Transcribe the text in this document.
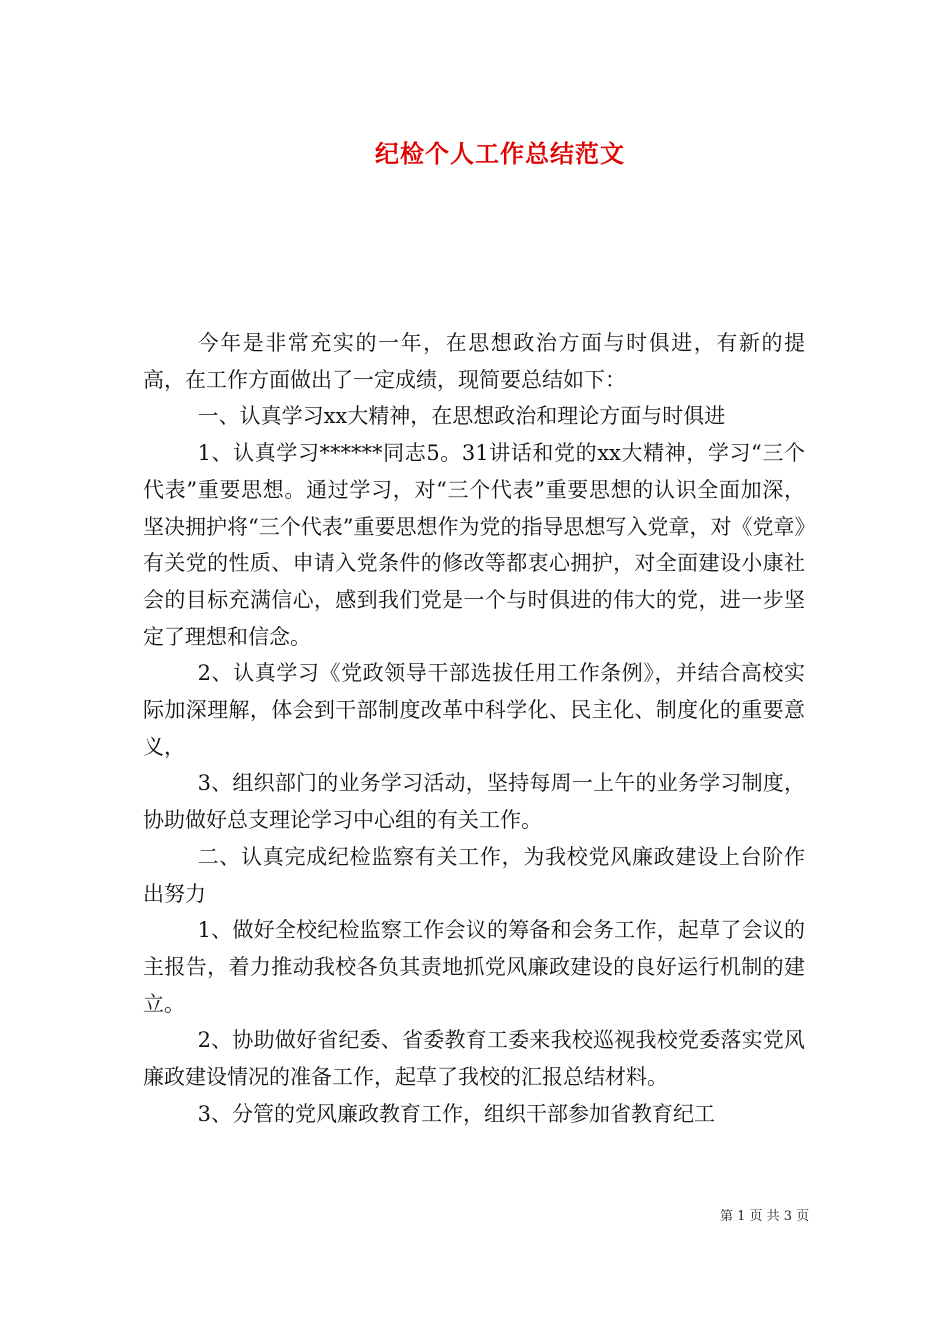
纪检个人工作总结范文

今年是非常充实的一年，在思想政治方面与时俱进，有新的提高，在工作方面做出了一定成绩，现简要总结如下：

一、认真学习xx大精神，在思想政治和理论方面与时俱进

1、认真学习******同志5。31讲话和党的xx大精神，学习“三个代表”重要思想。通过学习，对“三个代表”重要思想的认识全面加深，坚决拥护将“三个代表”重要思想作为党的指导思想写入党章，对《党章》有关党的性质、申请入党条件的修改等都衷心拥护，对全面建设小康社会的目标充满信心，感到我们党是一个与时俱进的伟大的党，进一步坚定了理想和信念。

2、认真学习《党政领导干部选拔任用工作条例》，并结合高校实际加深理解，体会到干部制度改革中科学化、民主化、制度化的重要意义，

3、组织部门的业务学习活动，坚持每周一上午的业务学习制度，协助做好总支理论学习中心组的有关工作。

二、认真完成纪检监察有关工作，为我校党风廉政建设上台阶作出努力

1、做好全校纪检监察工作会议的筹备和会务工作，起草了会议的主报告，着力推动我校各负其责地抓党风廉政建设的良好运行机制的建立。

2、协助做好省纪委、省委教育工委来我校巡视我校党委落实党风廉政建设情况的准备工作，起草了我校的汇报总结材料。

3、分管的党风廉政教育工作，组织干部参加省教育纪工

第 1 页 共 3 页
